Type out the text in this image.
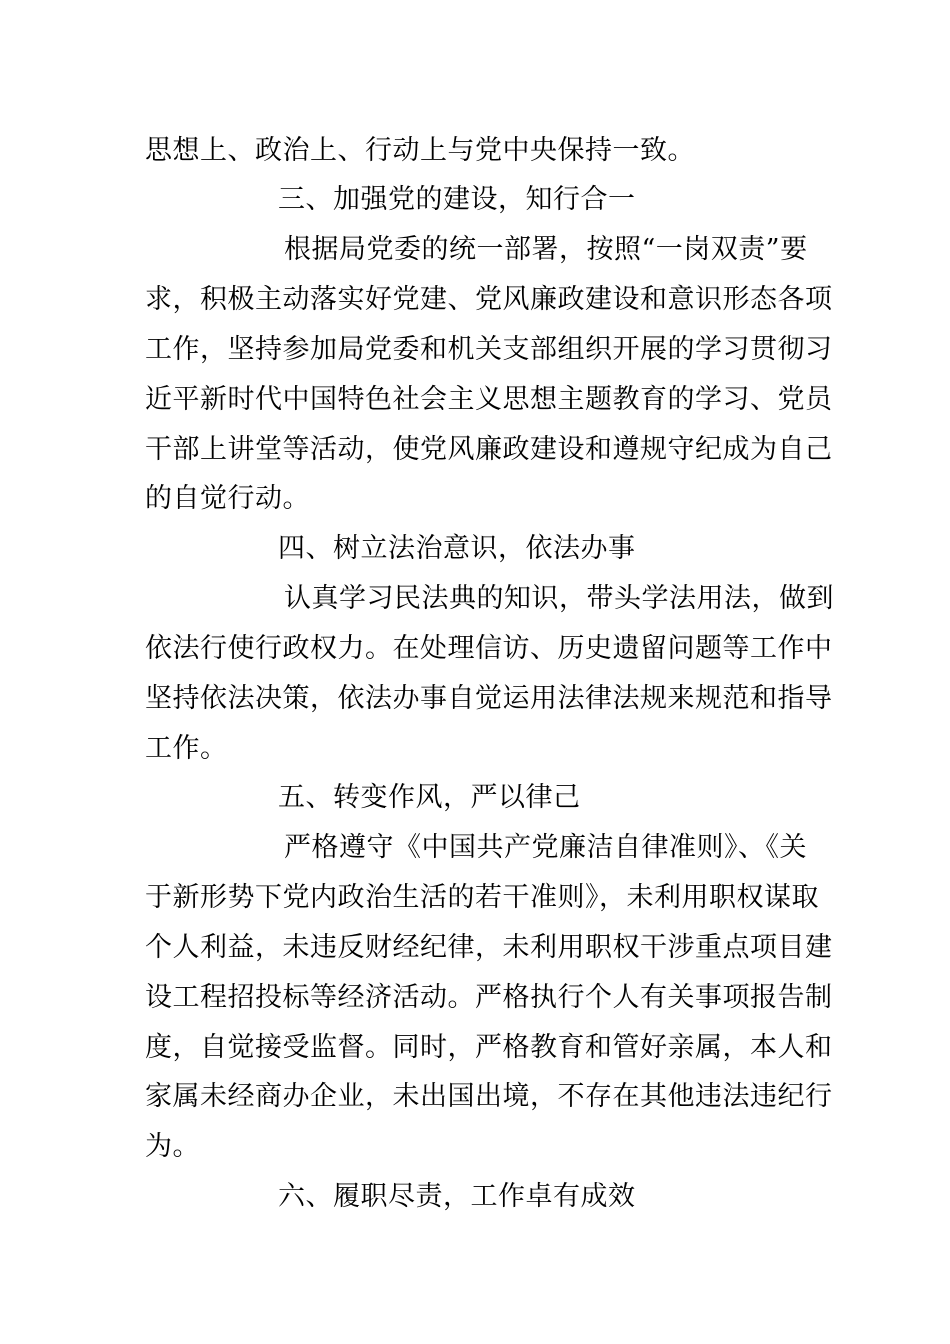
思想上、政治上、行动上与党中央保持一致。
三、加强党的建设，知行合一
根据局党委的统一部署，按照“一岗双责”要
求，积极主动落实好党建、党风廉政建设和意识形态各项
工作，坚持参加局党委和机关支部组织开展的学习贯彻习
近平新时代中国特色社会主义思想主题教育的学习、党员
干部上讲堂等活动，使党风廉政建设和遵规守纪成为自己
的自觉行动。
四、树立法治意识，依法办事
认真学习民法典的知识，带头学法用法，做到
依法行使行政权力。在处理信访、历史遗留问题等工作中
坚持依法决策，依法办事自觉运用法律法规来规范和指导
工作。
五、转变作风，严以律己
严格遵守《中国共产党廉洁自律准则》、《关
于新形势下党内政治生活的若干准则》，未利用职权谋取
个人利益，未违反财经纪律，未利用职权干涉重点项目建
设工程招投标等经济活动。严格执行个人有关事项报告制
度，自觉接受监督。同时，严格教育和管好亲属，本人和
家属未经商办企业，未出国出境，不存在其他违法违纪行
为。
六、履职尽责，工作卓有成效
